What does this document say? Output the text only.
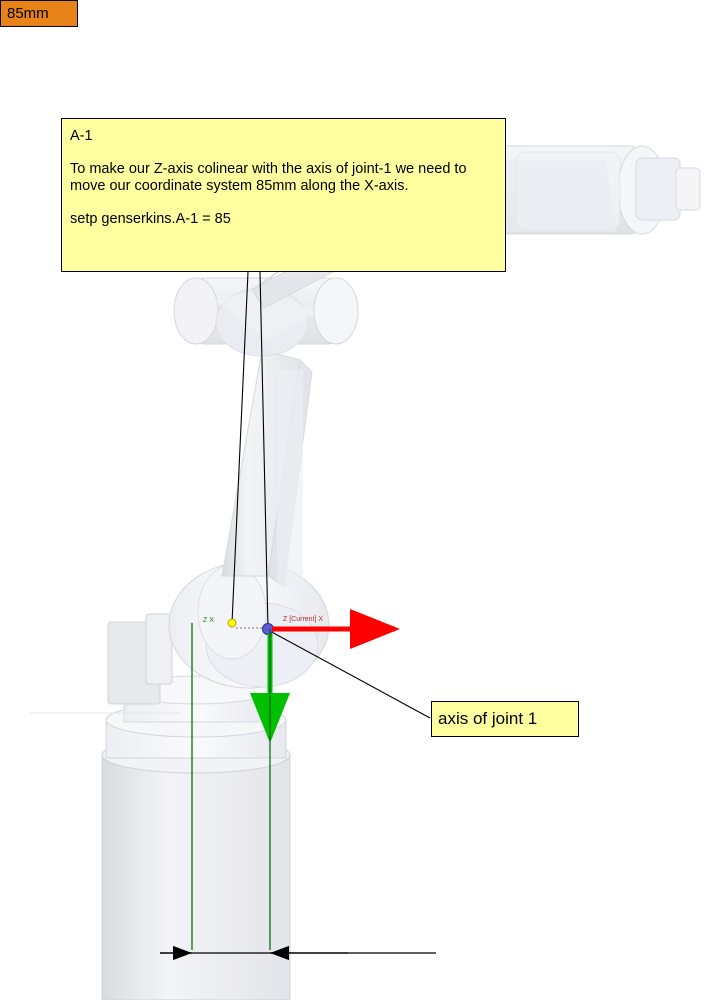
Z X	Z [Current] X
A-1
To make our Z-axis colinear with the axis of joint-1 we need to move our coordinate system 85mm along the X-axis.
setp genserkins.A-1 = 85
axis of joint 1
85mm
